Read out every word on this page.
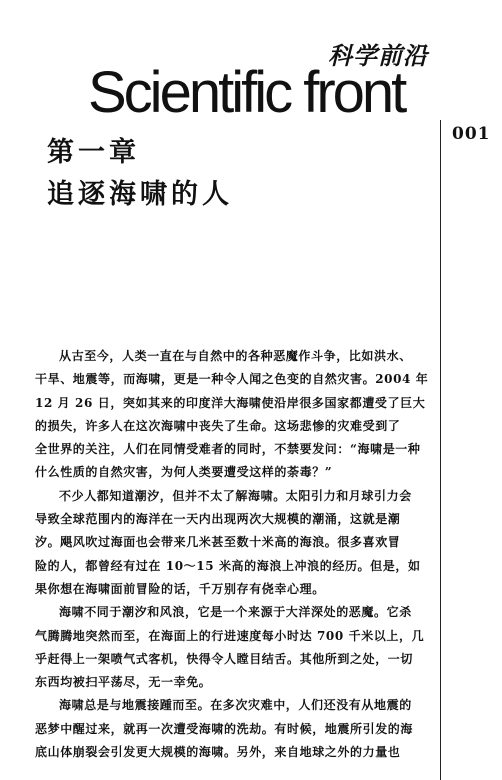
科学前沿
Scientific front
001
第一章
追逐海啸的人
从古至今，人类一直在与自然中的各种恶魔作斗争，比如洪水、
干旱、地震等，而海啸，更是一种令人闻之色变的自然灾害。2004 年
12 月 26 日，突如其来的印度洋大海啸使沿岸很多国家都遭受了巨大
的损失，许多人在这次海啸中丧失了生命。这场悲惨的灾难受到了
全世界的关注，人们在同情受难者的同时，不禁要发问：“海啸是一种
什么性质的自然灾害，为何人类要遭受这样的荼毒？”
不少人都知道潮汐，但并不太了解海啸。太阳引力和月球引力会
导致全球范围内的海洋在一天内出现两次大规模的潮涌，这就是潮
汐。飓风吹过海面也会带来几米甚至数十米高的海浪。很多喜欢冒
险的人，都曾经有过在 10～15 米高的海浪上冲浪的经历。但是，如
果你想在海啸面前冒险的话，千万别存有侥幸心理。
海啸不同于潮汐和风浪，它是一个来源于大洋深处的恶魔。它杀
气腾腾地突然而至，在海面上的行进速度每小时达 700 千米以上，几
乎赶得上一架喷气式客机，快得令人瞠目结舌。其他所到之处，一切
东西均被扫平荡尽，无一幸免。
海啸总是与地震接踵而至。在多次灾难中，人们还没有从地震的
恶梦中醒过来，就再一次遭受海啸的洗劫。有时候，地震所引发的海
底山体崩裂会引发更大规模的海啸。另外，来自地球之外的力量也
